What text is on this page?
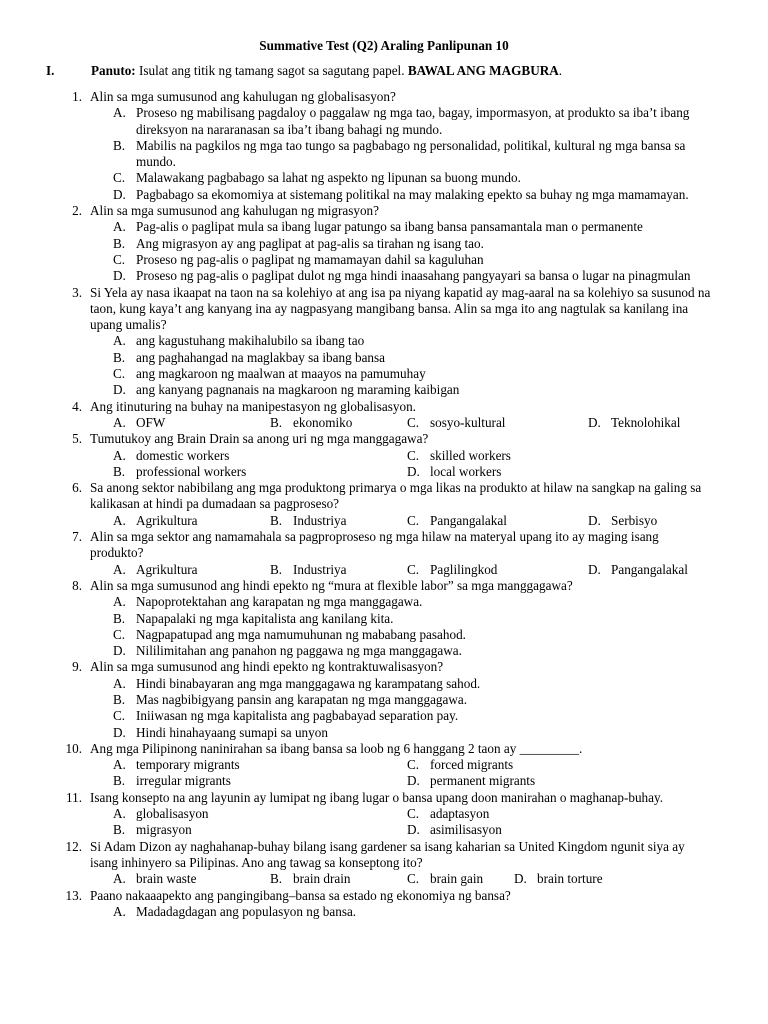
Summative Test (Q2) Araling Panlipunan 10
I.	Panuto: Isulat ang titik ng tamang sagot sa sagutang papel. BAWAL ANG MAGBURA.
1. Alin sa mga sumusunod ang kahulugan ng globalisasyon?
A. Proseso ng mabilisang pagdaloy o paggalaw ng mga tao, bagay, impormasyon, at produkto sa iba’t ibang direksyon na nararanasan sa iba’t ibang bahagi ng mundo.
B. Mabilis na pagkilos ng mga tao tungo sa pagbabago ng personalidad, politikal, kultural ng mga bansa sa mundo.
C. Malawakang pagbabago sa lahat ng aspekto ng lipunan sa buong mundo.
D. Pagbabago sa ekomomiya at sistemang politikal na may malaking epekto sa buhay ng mga mamamayan.
2. Alin sa mga sumusunod ang kahulugan ng migrasyon?
A. Pag-alis o paglipat mula sa ibang lugar patungo sa ibang bansa pansamantala man o permanente
B. Ang migrasyon ay ang paglipat at pag-alis sa tirahan ng isang tao.
C. Proseso ng pag-alis o paglipat ng mamamayan dahil sa kaguluhan
D. Proseso ng pag-alis o paglipat dulot ng mga hindi inaasahang pangyayari sa bansa o lugar na pinagmulan
3. Si Yela ay nasa ikaapat na taon na sa kolehiyo at ang isa pa niyang kapatid ay mag-aaral na sa kolehiyo sa susunod na taon, kung kaya’t ang kanyang ina ay nagpasyang mangibang bansa. Alin sa mga ito ang nagtulak sa kanilang ina upang umalis?
A. ang kagustuhang makihalubilo sa ibang tao
B. ang paghahangad na maglakbay sa ibang bansa
C. ang magkaroon ng maalwan at maayos na pamumuhay
D. ang kanyang pagnanais na magkaroon ng maraming kaibigan
4. Ang itinuturing na buhay na manipestasyon ng globalisasyon.
A. OFW	B. ekonomiko	C. sosyo-kultural	D. Teknolohikal
5. Tumutukoy ang Brain Drain sa anong uri ng mga manggagawa?
A. domestic workers	C. skilled workers
B. professional workers	D. local workers
6. Sa anong sektor nabibilang ang mga produktong primarya o mga likas na produkto at hilaw na sangkap na galing sa kalikasan at hindi pa dumadaan sa pagproseso?
A. Agrikultura	B. Industriya	C. Pangangalakal	D. Serbisyo
7. Alin sa mga sektor ang namamahala sa pagproproseso ng mga hilaw na materyal upang ito ay maging isang produkto?
A. Agrikultura	B. Industriya	C. Paglilingkod	D. Pangangalakal
8. Alin sa mga sumusunod ang hindi epekto ng “mura at flexible labor” sa mga manggagawa?
A. Napoprotektahan ang karapatan ng mga manggagawa.
B. Napapalaki ng mga kapitalista ang kanilang kita.
C. Nagpapatupad ang mga namumuhunan ng mababang pasahod.
D. Nililimitahan ang panahon ng paggawa ng mga manggagawa.
9. Alin sa mga sumusunod ang hindi epekto ng kontraktuwalisasyon?
A. Hindi binabayaran ang mga manggagawa ng karampatang sahod.
B. Mas nagbibigyang pansin ang karapatan ng mga manggagawa.
C. Iniiwasan ng mga kapitalista ang pagbabayad separation pay.
D. Hindi hinahayaang sumapi sa unyon
10. Ang mga Pilipinong naninirahan sa ibang bansa sa loob ng 6 hanggang 2 taon ay _________.
A. temporary migrants	C. forced migrants
B. irregular migrants	D. permanent migrants
11. Isang konsepto na ang layunin ay lumipat ng ibang lugar o bansa upang doon manirahan o maghanap-buhay.
A. globalisasyon	C. adaptasyon
B. migrasyon	D. asimilisasyon
12. Si Adam Dizon ay naghahanap-buhay bilang isang gardener sa isang kaharian sa United Kingdom ngunit siya ay isang inhinyero sa Pilipinas. Ano ang tawag sa konseptong ito?
A. brain waste	B. brain drain	C. brain gain D. brain torture
13. Paano nakaaapekto ang pangingibang–bansa sa estado ng ekonomiya ng bansa?
A. Madadagdagan ang populasyon ng bansa.
